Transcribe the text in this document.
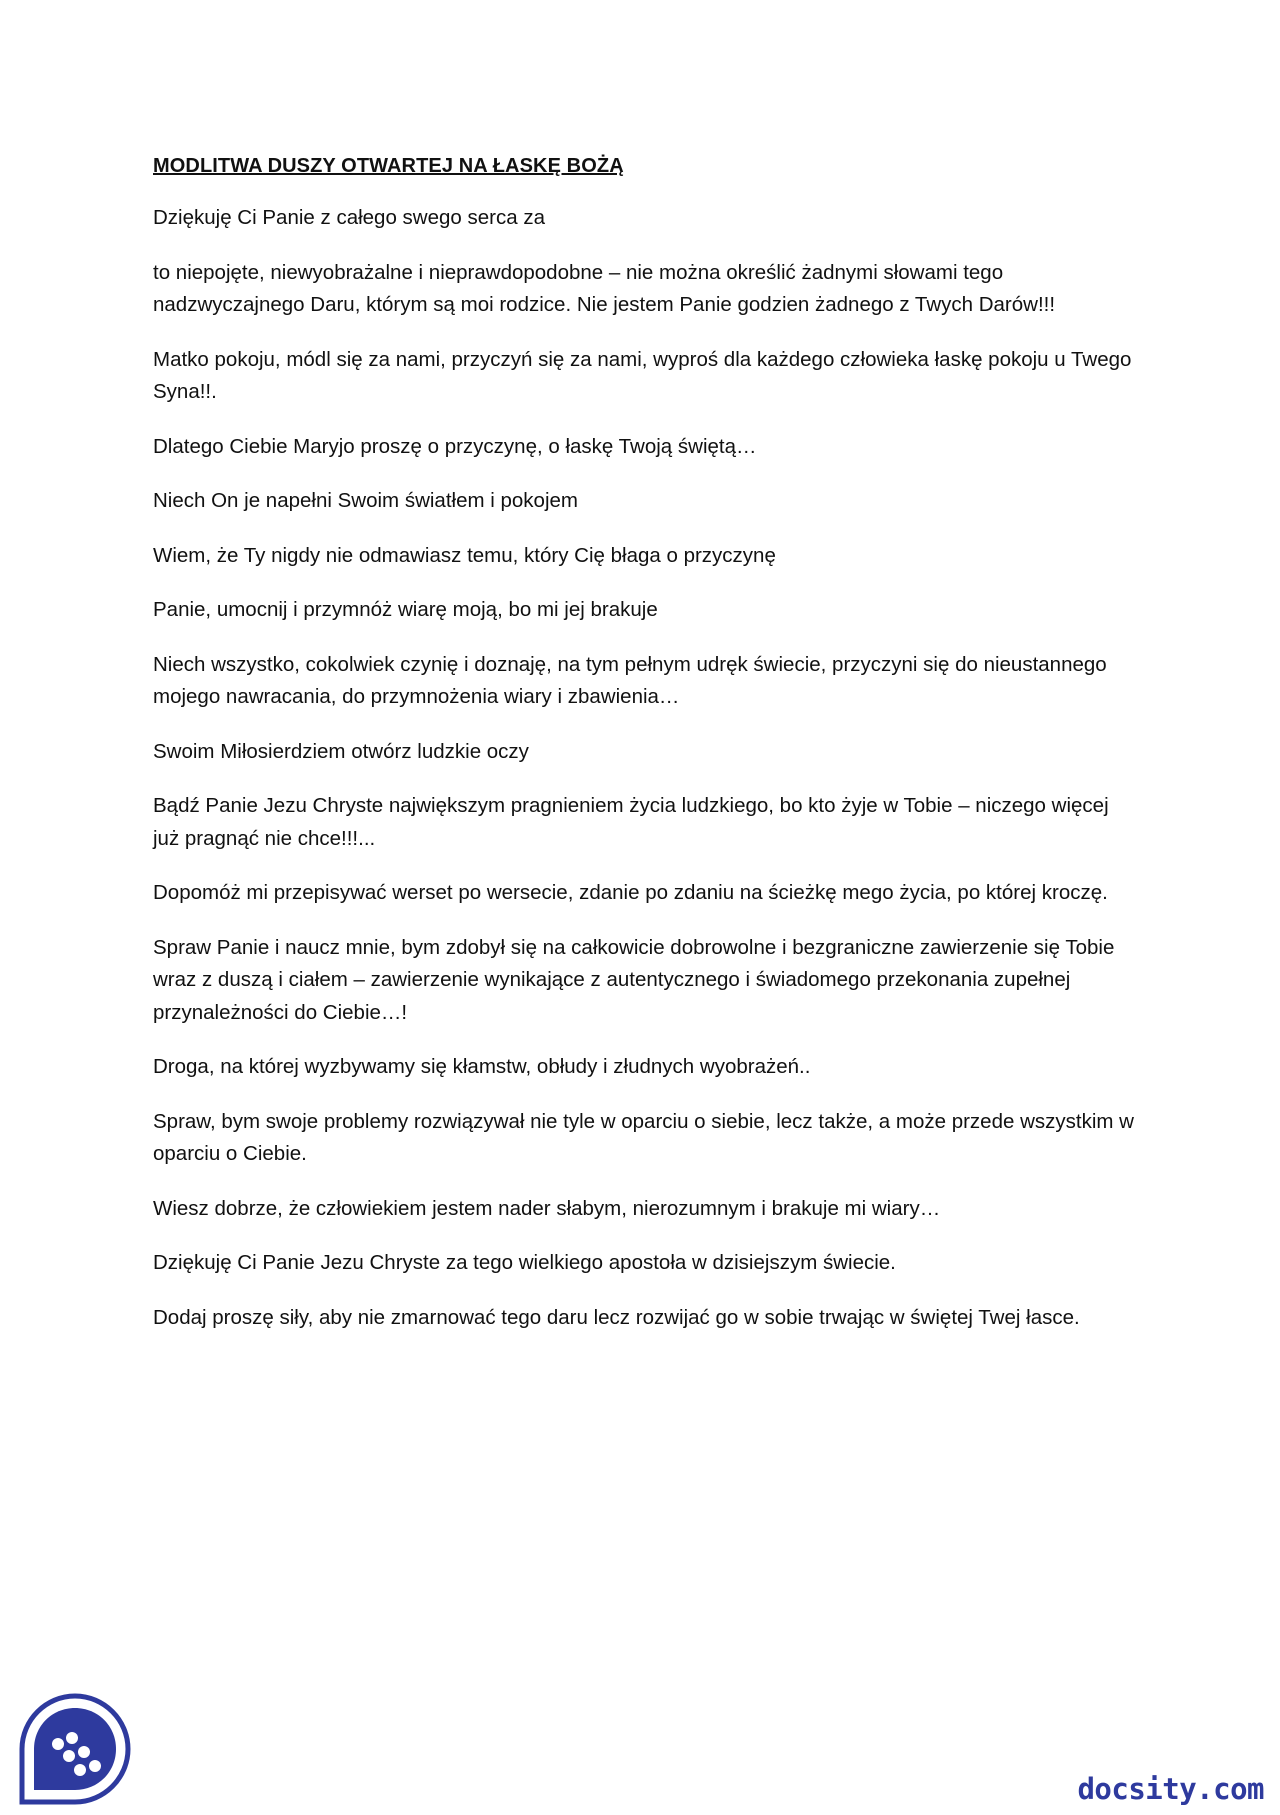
MODLITWA DUSZY OTWARTEJ NA ŁASKĘ BOŻĄ

Dziękuję Ci Panie z całego swego serca za

to niepojęte, niewyobrażalne i nieprawdopodobne – nie można określić żadnymi słowami tego nadzwyczajnego Daru, którym są moi rodzice. Nie jestem Panie godzien żadnego z Twych Darów!!!

Matko pokoju, módl się za nami, przyczyń się za nami, wyproś dla każdego człowieka łaskę pokoju u Twego Syna!!.

Dlatego Ciebie Maryjo proszę o przyczynę, o łaskę Twoją świętą…

Niech On je napełni Swoim światłem i pokojem

Wiem, że Ty nigdy nie odmawiasz temu, który Cię błaga o przyczynę

Panie, umocnij i przymnóż wiarę moją, bo mi jej brakuje

Niech wszystko, cokolwiek czynię i doznaję, na tym pełnym udręk świecie, przyczyni się do nieustannego mojego nawracania, do przymnożenia wiary i zbawienia…

Swoim Miłosierdziem otwórz ludzkie oczy

Bądź Panie Jezu Chryste największym pragnieniem życia ludzkiego, bo kto żyje w Tobie – niczego więcej już pragnąć nie chce!!!...

Dopomóż mi przepisywać werset po wersecie, zdanie po zdaniu na ścieżkę mego życia, po której kroczę.

Spraw Panie i naucz mnie, bym zdobył się na całkowicie dobrowolne i bezgraniczne zawierzenie się Tobie wraz z duszą i ciałem – zawierzenie wynikające z autentycznego i świadomego przekonania zupełnej przynależności do Ciebie…!

Droga, na której wyzbywamy się kłamstw, obłudy i złudnych wyobrażeń..

Spraw, bym swoje problemy rozwiązywał nie tyle w oparciu o siebie, lecz także, a może przede wszystkim w oparciu o Ciebie.

Wiesz dobrze, że człowiekiem jestem nader słabym, nierozumnym i brakuje mi wiary…

Dziękuję Ci Panie Jezu Chryste za tego wielkiego apostoła w dzisiejszym świecie.

Dodaj proszę siły, aby nie zmarnować tego daru lecz rozwijać go w sobie trwając w świętej Twej łasce.

docsity.com
